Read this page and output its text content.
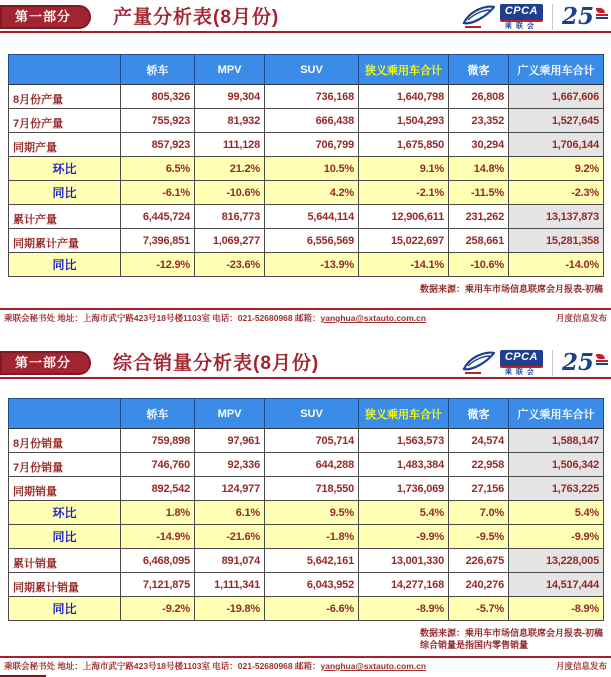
第一部分	产量分析表(8月份)	CPCA
乘联会 25
	轿车	MPV	SUV	狭义乘用车合计	微客	广义乘用车合计
8月份产量	805,326	99,304	736,168	1,640,798	26,808	1,667,606
7月份产量	755,923	81,932	666,438	1,504,293	23,352	1,527,645
同期产量	857,923	111,128	706,799	1,675,850	30,294	1,706,144
环比	6.5%	21.2%	10.5%	9.1%	14.8%	9.2%
同比	-6.1%	-10.6%	4.2%	-2.1%	-11.5%	-2.3%
累计产量	6,445,724	816,773	5,644,114	12,906,611	231,262	13,137,873
同期累计产量	7,396,851	1,069,277	6,556,569	15,022,697	258,661	15,281,358
同比	-12.9%	-23.6%	-13.9%	-14.1%	-10.6%	-14.0%
数据来源：乘用车市场信息联席会月报表-初稿
乘联会秘书处 地址：上海市武宁路423号18号楼1103室 电话：021-52680968 邮箱：yanghua@sxtauto.com.cn	月度信息发布
第一部分	综合销量分析表(8月份)	CPCA
乘联会 25
	轿车	MPV	SUV	狭义乘用车合计	微客	广义乘用车合计
8月份销量	759,898	97,961	705,714	1,563,573	24,574	1,588,147
7月份销量	746,760	92,336	644,288	1,483,384	22,958	1,506,342
同期销量	892,542	124,977	718,550	1,736,069	27,156	1,763,225
环比	1.8%	6.1%	9.5%	5.4%	7.0%	5.4%
同比	-14.9%	-21.6%	-1.8%	-9.9%	-9.5%	-9.9%
累计销量	6,468,095	891,074	5,642,161	13,001,330	226,675	13,228,005
同期累计销量	7,121,875	1,111,341	6,043,952	14,277,168	240,276	14,517,444
同比	-9.2%	-19.8%	-6.6%	-8.9%	-5.7%	-8.9%
数据来源：乘用车市场信息联席会月报表-初稿
综合销量是指国内零售销量
乘联会秘书处 地址：上海市武宁路423号18号楼1103室 电话：021-52680968 邮箱：yanghua@sxtauto.com.cn	月度信息发布
